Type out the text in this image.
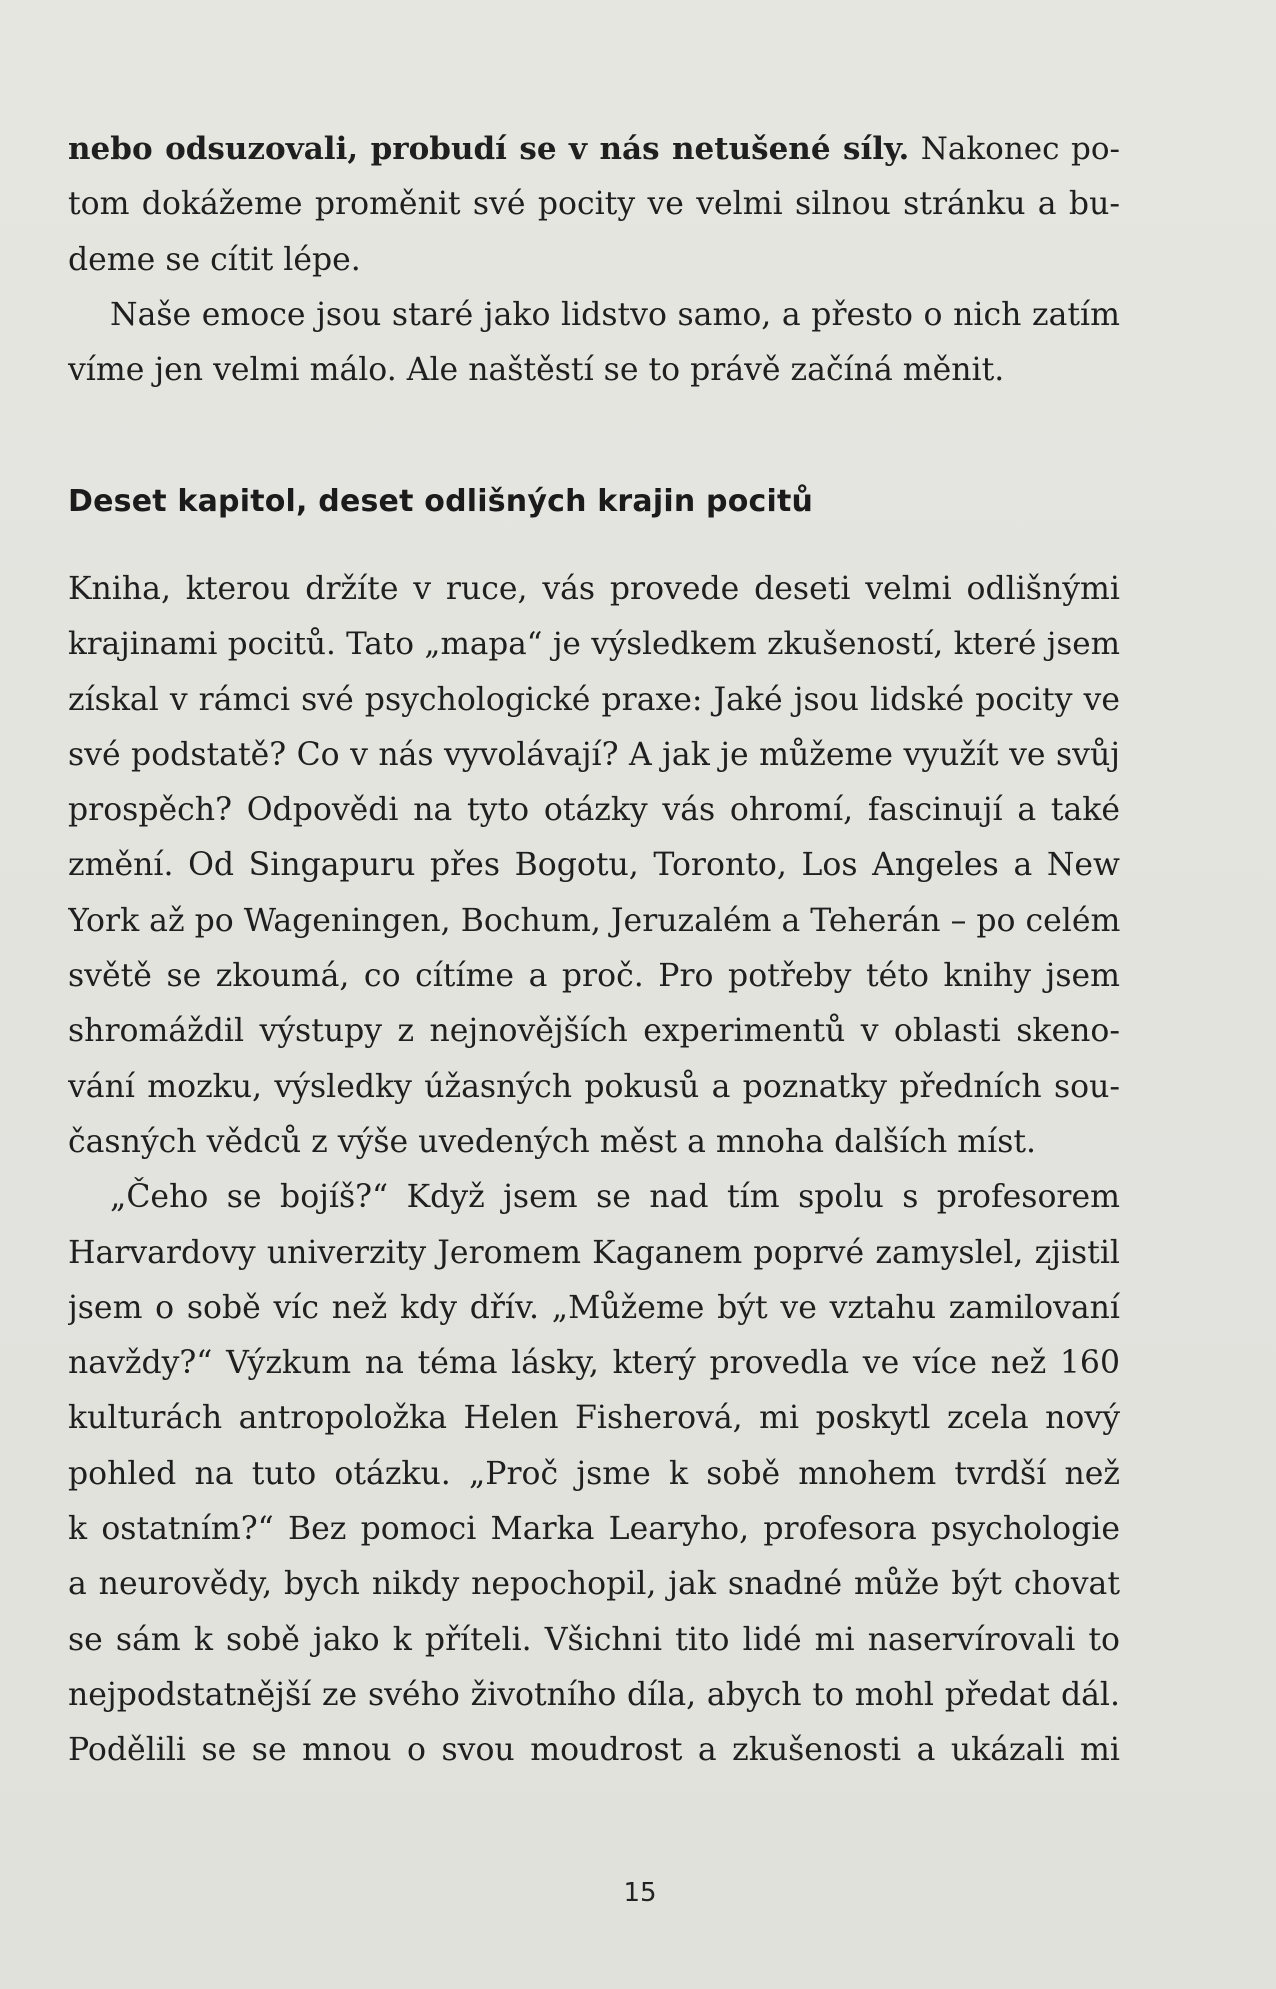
nebo odsuzovali, probudí se v nás netušené síly. Nakonec po-
tom dokážeme proměnit své pocity ve velmi silnou stránku a bu-
deme se cítit lépe.
Naše emoce jsou staré jako lidstvo samo, a přesto o nich zatím
víme jen velmi málo. Ale naštěstí se to právě začíná měnit.
Deset kapitol, deset odlišných krajin pocitů
Kniha, kterou držíte v ruce, vás provede deseti velmi odlišnými
krajinami pocitů. Tato „mapa“ je výsledkem zkušeností, které jsem
získal v rámci své psychologické praxe: Jaké jsou lidské pocity ve
své podstatě? Co v nás vyvolávají? A jak je můžeme využít ve svůj
prospěch? Odpovědi na tyto otázky vás ohromí, fascinují a také
změní. Od Singapuru přes Bogotu, Toronto, Los Angeles a New
York až po Wageningen, Bochum, Jeruzalém a Teherán – po celém
světě se zkoumá, co cítíme a proč. Pro potřeby této knihy jsem
shromáždil výstupy z nejnovějších experimentů v oblasti skeno-
vání mozku, výsledky úžasných pokusů a poznatky předních sou-
časných vědců z výše uvedených měst a mnoha dalších míst.
„Čeho se bojíš?“ Když jsem se nad tím spolu s profesorem
Harvardovy univerzity Jeromem Kaganem poprvé zamyslel, zjistil
jsem o sobě víc než kdy dřív. „Můžeme být ve vztahu zamilovaní
navždy?“ Výzkum na téma lásky, který provedla ve více než 160
kulturách antropoložka Helen Fisherová, mi poskytl zcela nový
pohled na tuto otázku. „Proč jsme k sobě mnohem tvrdší než
k ostatním?“ Bez pomoci Marka Learyho, profesora psychologie
a neurovědy, bych nikdy nepochopil, jak snadné může být chovat
se sám k sobě jako k příteli. Všichni tito lidé mi naservírovali to
nejpodstatnější ze svého životního díla, abych to mohl předat dál.
Podělili se se mnou o svou moudrost a zkušenosti a ukázali mi
15
